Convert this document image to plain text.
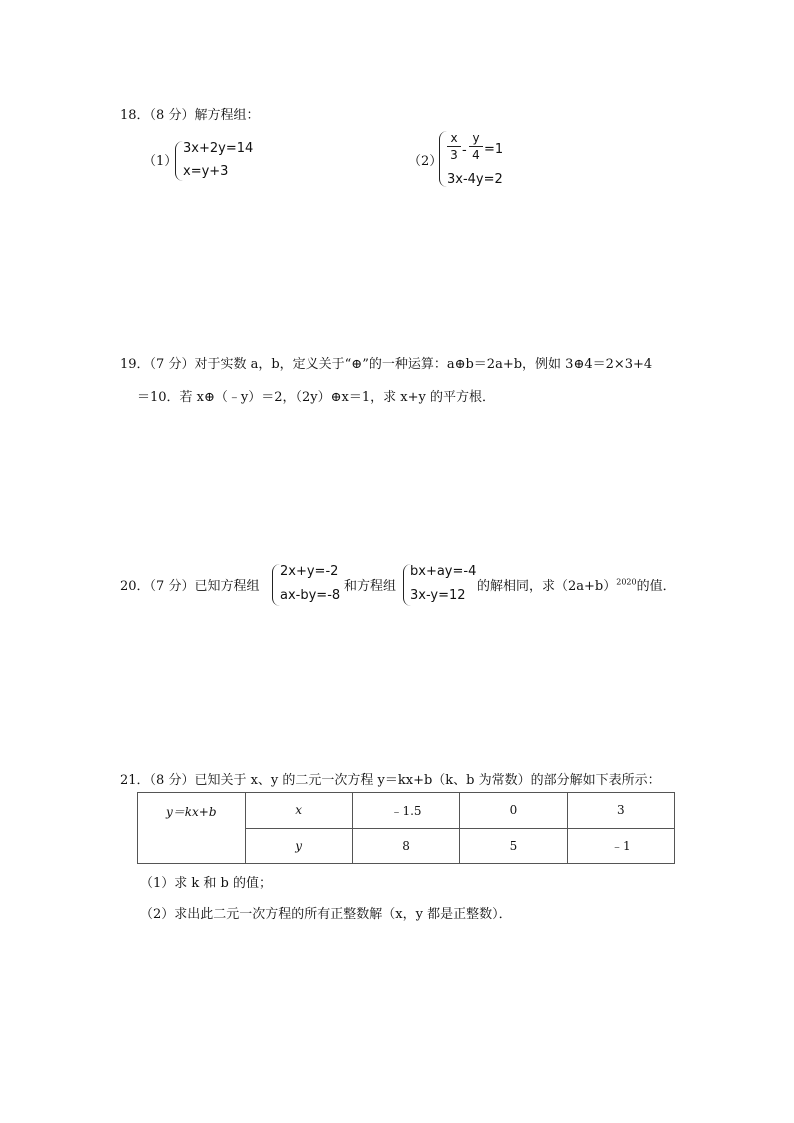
18．（8 分）解方程组：
（1）
3x+2y=14
x=y+3
（2）
x
3 -
y
4 =1
3x-4y=2
19．（7 分）对于实数 a，b，定义关于“⊕”的一种运算：a⊕b＝2a+b，例如 3⊕4＝2×3+4
＝10．若 x⊕（﹣y）＝2，（2y）⊕x＝1，求 x+y 的平方根．
20．（7 分）已知方程组
2x+y=-2
ax-by=-8
和方程组
bx+ay=-4
3x-y=12
的解相同，求$(2a+b)^{2020}$的值．
21．（8 分）已知关于 x、y 的二元一次方程 y＝kx+b（k、b 为常数）的部分解如下表所示：
y＝kx+b	x	﹣1.5	0	3
	y	8	5	﹣1
（1）求 k 和 b 的值；
（2）求出此二元一次方程的所有正整数解（x，y 都是正整数）．
